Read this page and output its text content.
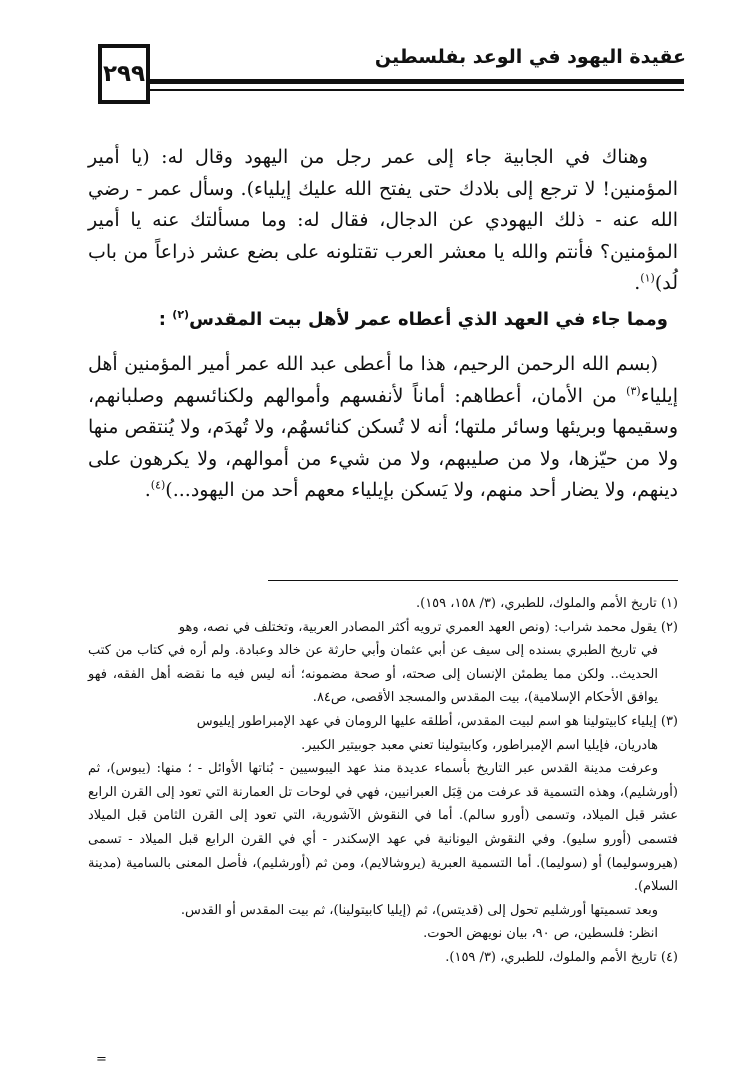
٢٩٩
عقيدة اليهود في الوعد بفلسطين

وهناك في الجابية جاء إلى عمر رجل من اليهود وقال له: (يا أمير المؤمنين! لا ترجع إلى بلادك حتى يفتح الله عليك إيلياء). وسأل عمر - رضي الله عنه - ذلك اليهودي عن الدجال، فقال له: وما مسألتك عنه يا أمير المؤمنين؟ فأنتم والله يا معشر العرب تقتلونه على بضع عشر ذراعاً من باب لُد)$^{(١)}$.

ومما جاء في العهد الذي أعطاه عمر لأهل بيت المقدس$^{(٢)}$ :

(بسم الله الرحمن الرحيم، هذا ما أعطى عبد الله عمر أمير المؤمنين أهل إيلياء$^{(٣)}$ من الأمان، أعطاهم: أماناً لأنفسهم وأموالهم ولكنائسهم وصلبانهم، وسقيمها وبريئها وسائر ملتها؛ أنه لا تُسكن كنائسهُم، ولا تُهدَم، ولا يُنتقص منها ولا من حيّزها، ولا من صليبهم، ولا من شيء من أموالهم، ولا يكرهون على دينهم، ولا يضار أحد منهم، ولا يَسكن بإيلياء معهم أحد من اليهود...)$^{(٤)}$.

(١) تاريخ الأمم والملوك، للطبري، (٣/ ١٥٨، ١٥٩).

(٢) يقول محمد شراب: (ونص العهد العمري ترويه أكثر المصادر العربية، وتختلف في نصه، وهو

في تاريخ الطبري بسنده إلى سيف عن أبي عثمان وأبي حارثة عن خالد وعبادة. ولم أره في كتاب من كتب الحديث.. ولكن مما يطمئن الإنسان إلى صحته، أو صحة مضمونه؛ أنه ليس فيه ما نقضه أهل الفقه، فهو يوافق الأحكام الإسلامية)، بيت المقدس والمسجد الأقصى، ص٨٤.

(٣) إيلياء كابيتولينا هو اسم لبيت المقدس، أطلقه عليها الرومان في عهد الإمبراطور إيليوس

هادريان، فإيليا اسم الإمبراطور، وكابيتولينا تعني معبد جوبيتير الكبير.

وعرفت مدينة القدس عبر التاريخ بأسماء عديدة منذ عهد اليبوسيين - بُناتها الأوائل - ؛ منها: (يبوس)، ثم (أورشليم)، وهذه التسمية قد عرفت من قِبَل العبرانيين، فهي في لوحات تل العمارنة التي تعود إلى القرن الرابع عشر قبل الميلاد، وتسمى (أورو سالم). أما في النقوش الآشورية، التي تعود إلى القرن الثامن قبل الميلاد فتسمى (أورو سليو). وفي النقوش اليونانية في عهد الإسكندر - أي في القرن الرابع قبل الميلاد - تسمى (هيروسوليما) أو (سوليما). أما التسمية العبرية (يروشالايم)، ومن ثم (أورشليم)، فأصل المعنى بالسامية (مدينة السلام).

وبعد تسميتها أورشليم تحول إلى (قديتس)، ثم (إيليا كابيتولينا)، ثم بيت المقدس أو القدس.

انظر: فلسطين، ص ٩٠، بيان نويهض الحوت.

(٤) تاريخ الأمم والملوك، للطبري، (٣/ ١٥٩).

=
